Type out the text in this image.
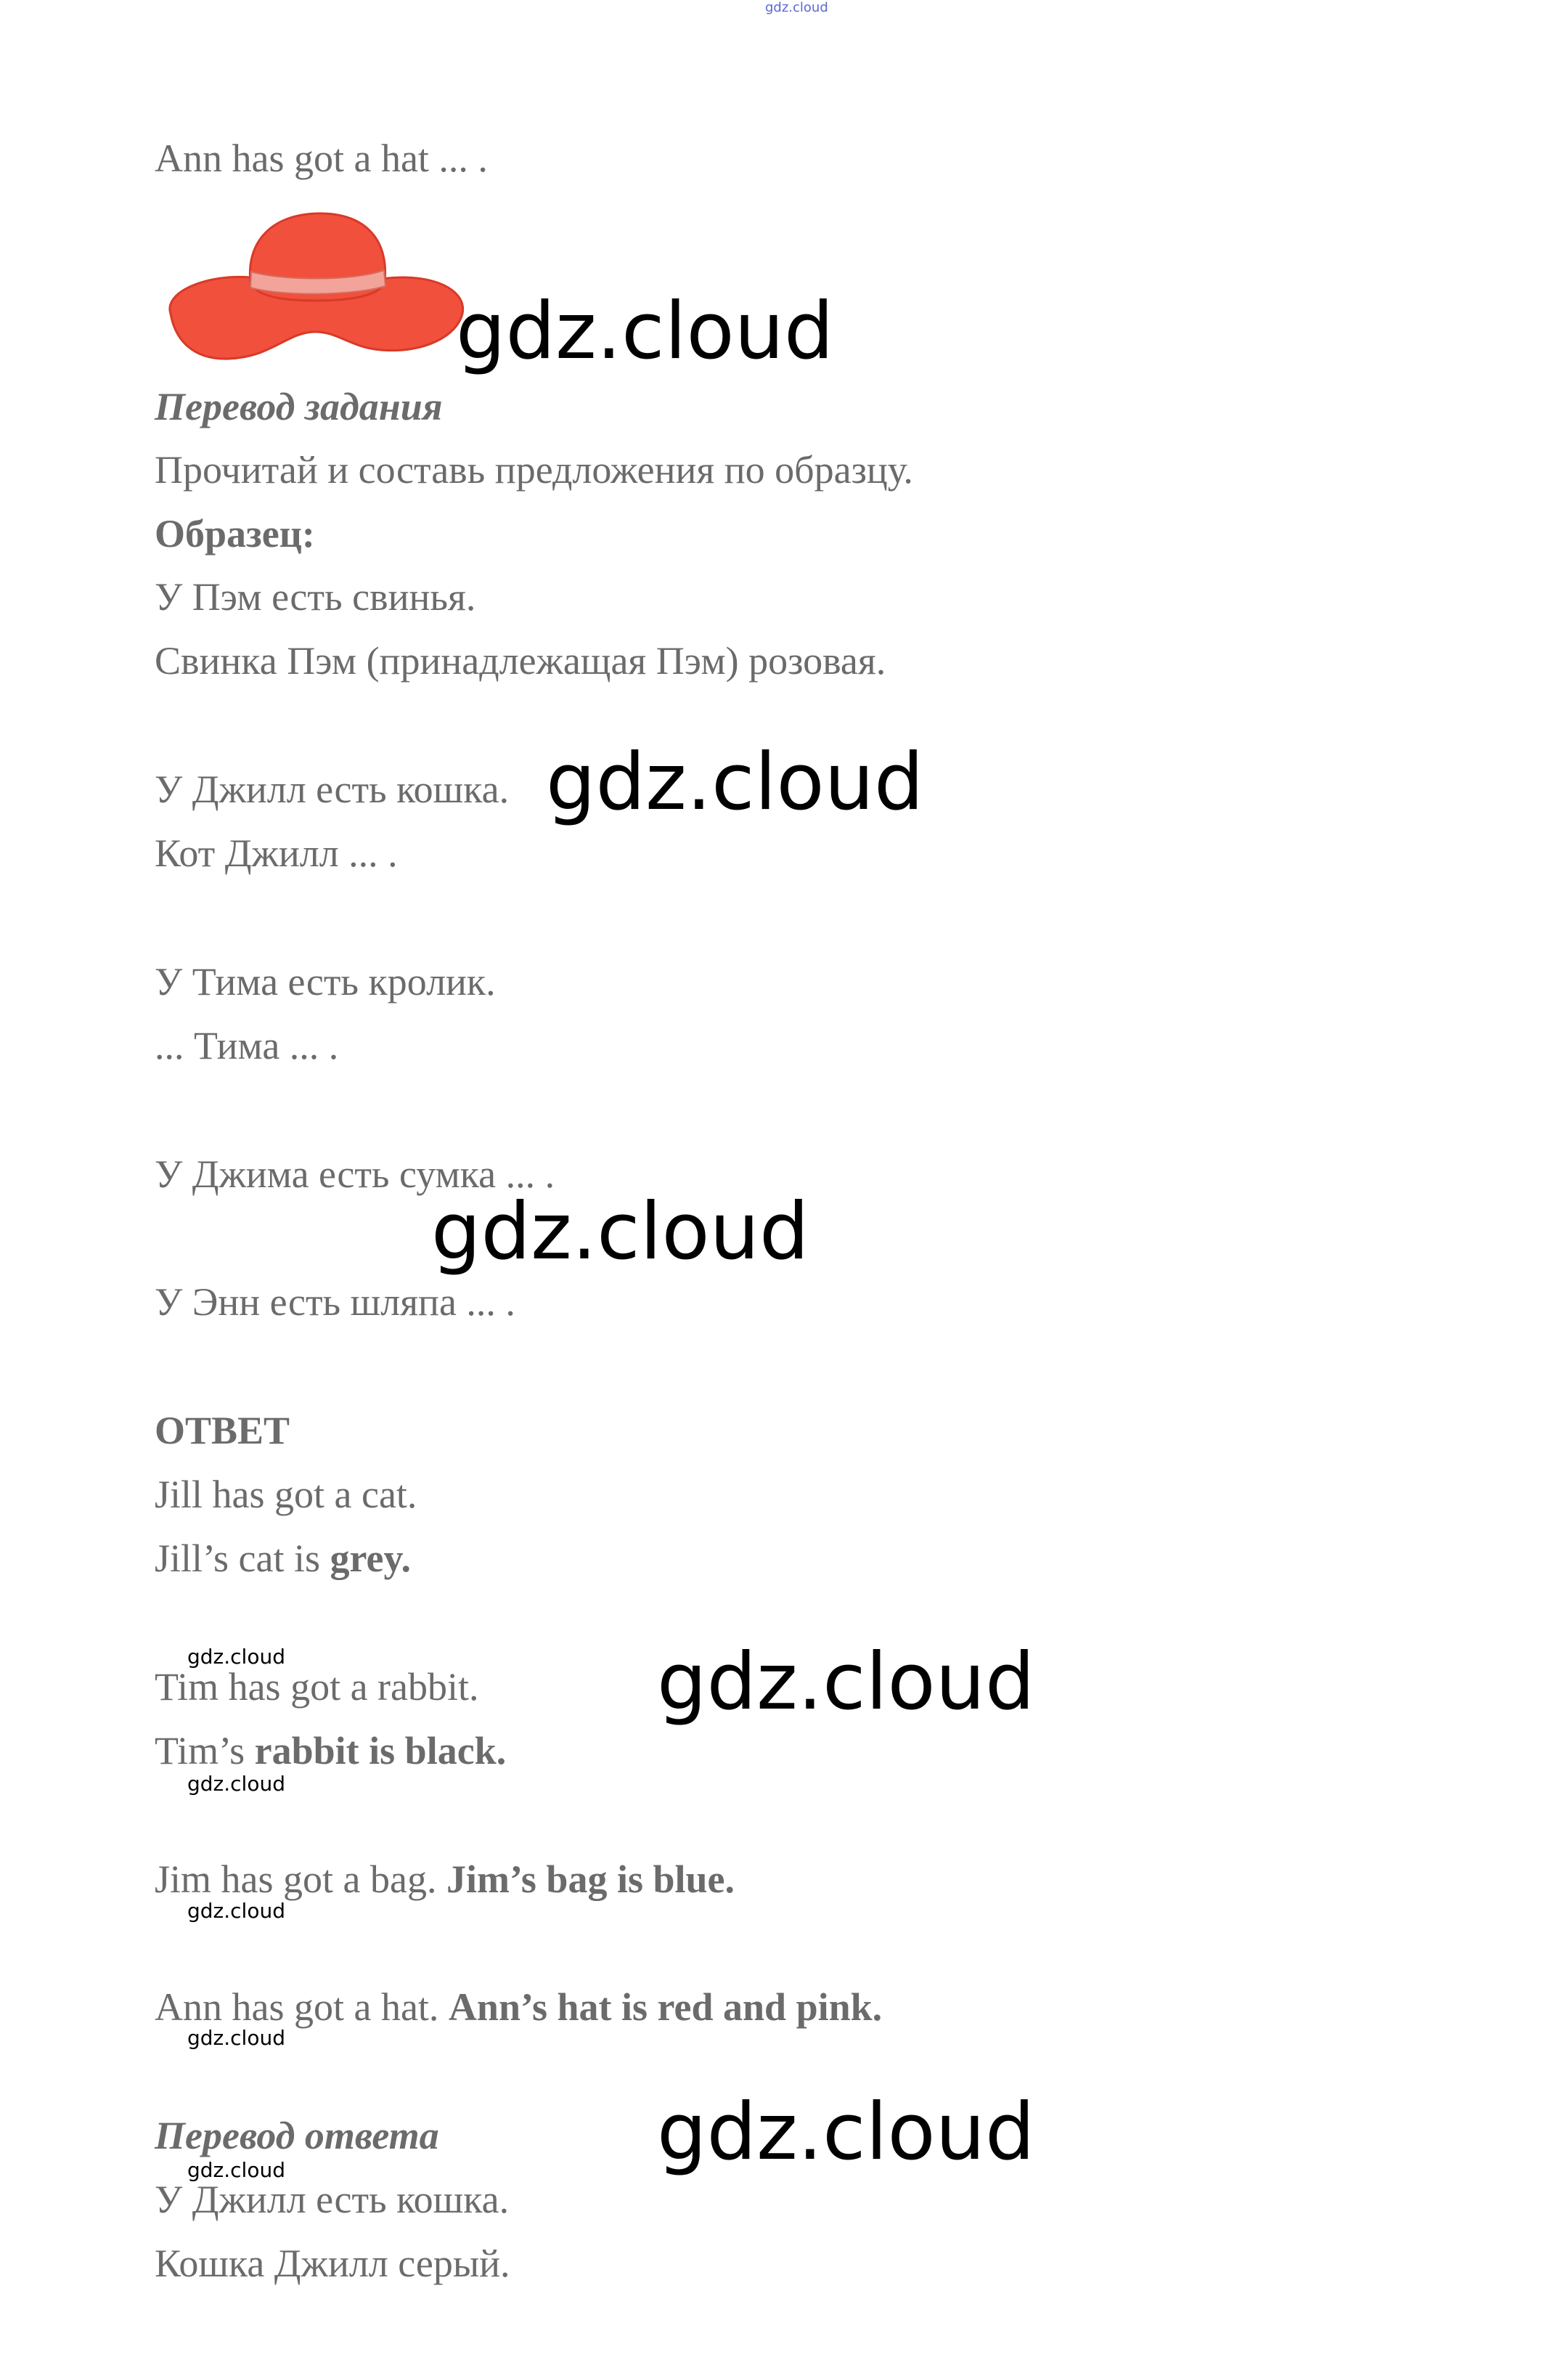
gdz.cloud
Ann has got a hat ... .
Перевод задания
Прочитай и составь предложения по образцу.
Образец:
У Пэм есть свинья.
Свинка Пэм (принадлежащая Пэм) розовая.
У Джилл есть кошка.
Кот Джилл ... .
У Тима есть кролик.
... Тима ... .
У Джима есть сумка ... .
У Энн есть шляпа ... .
ОТВЕТ
Jill has got a cat.
Jill’s cat is grey.
Tim has got a rabbit.
Tim’s rabbit is black.
Jim has got a bag. Jim’s bag is blue.
Ann has got a hat. Ann’s hat is red and pink.
Перевод ответа
У Джилл есть кошка.
Кошка Джилл серый.
gdz.cloud
gdz.cloud
gdz.cloud
gdz.cloud
gdz.cloud
gdz.cloud
gdz.cloud
gdz.cloud
gdz.cloud
gdz.cloud
